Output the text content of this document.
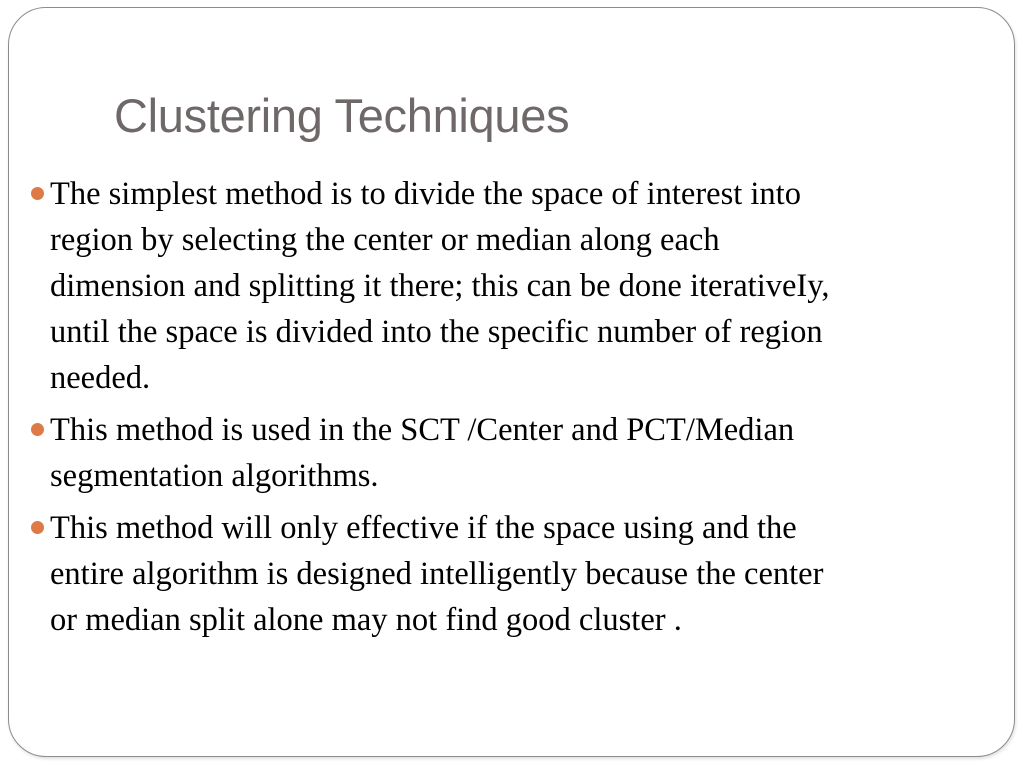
Clustering Techniques
The simplest method is to divide the space of interest into
region by selecting the center or median along each
dimension and splitting it there; this can be done iterativeIy,
until the space is divided into the specific number of region
needed.
This method is used in the SCT /Center and PCT/Median
segmentation algorithms.
This method will only effective if the space using and the
entire algorithm is designed intelligently because the center
or median split alone may not find good cluster .
